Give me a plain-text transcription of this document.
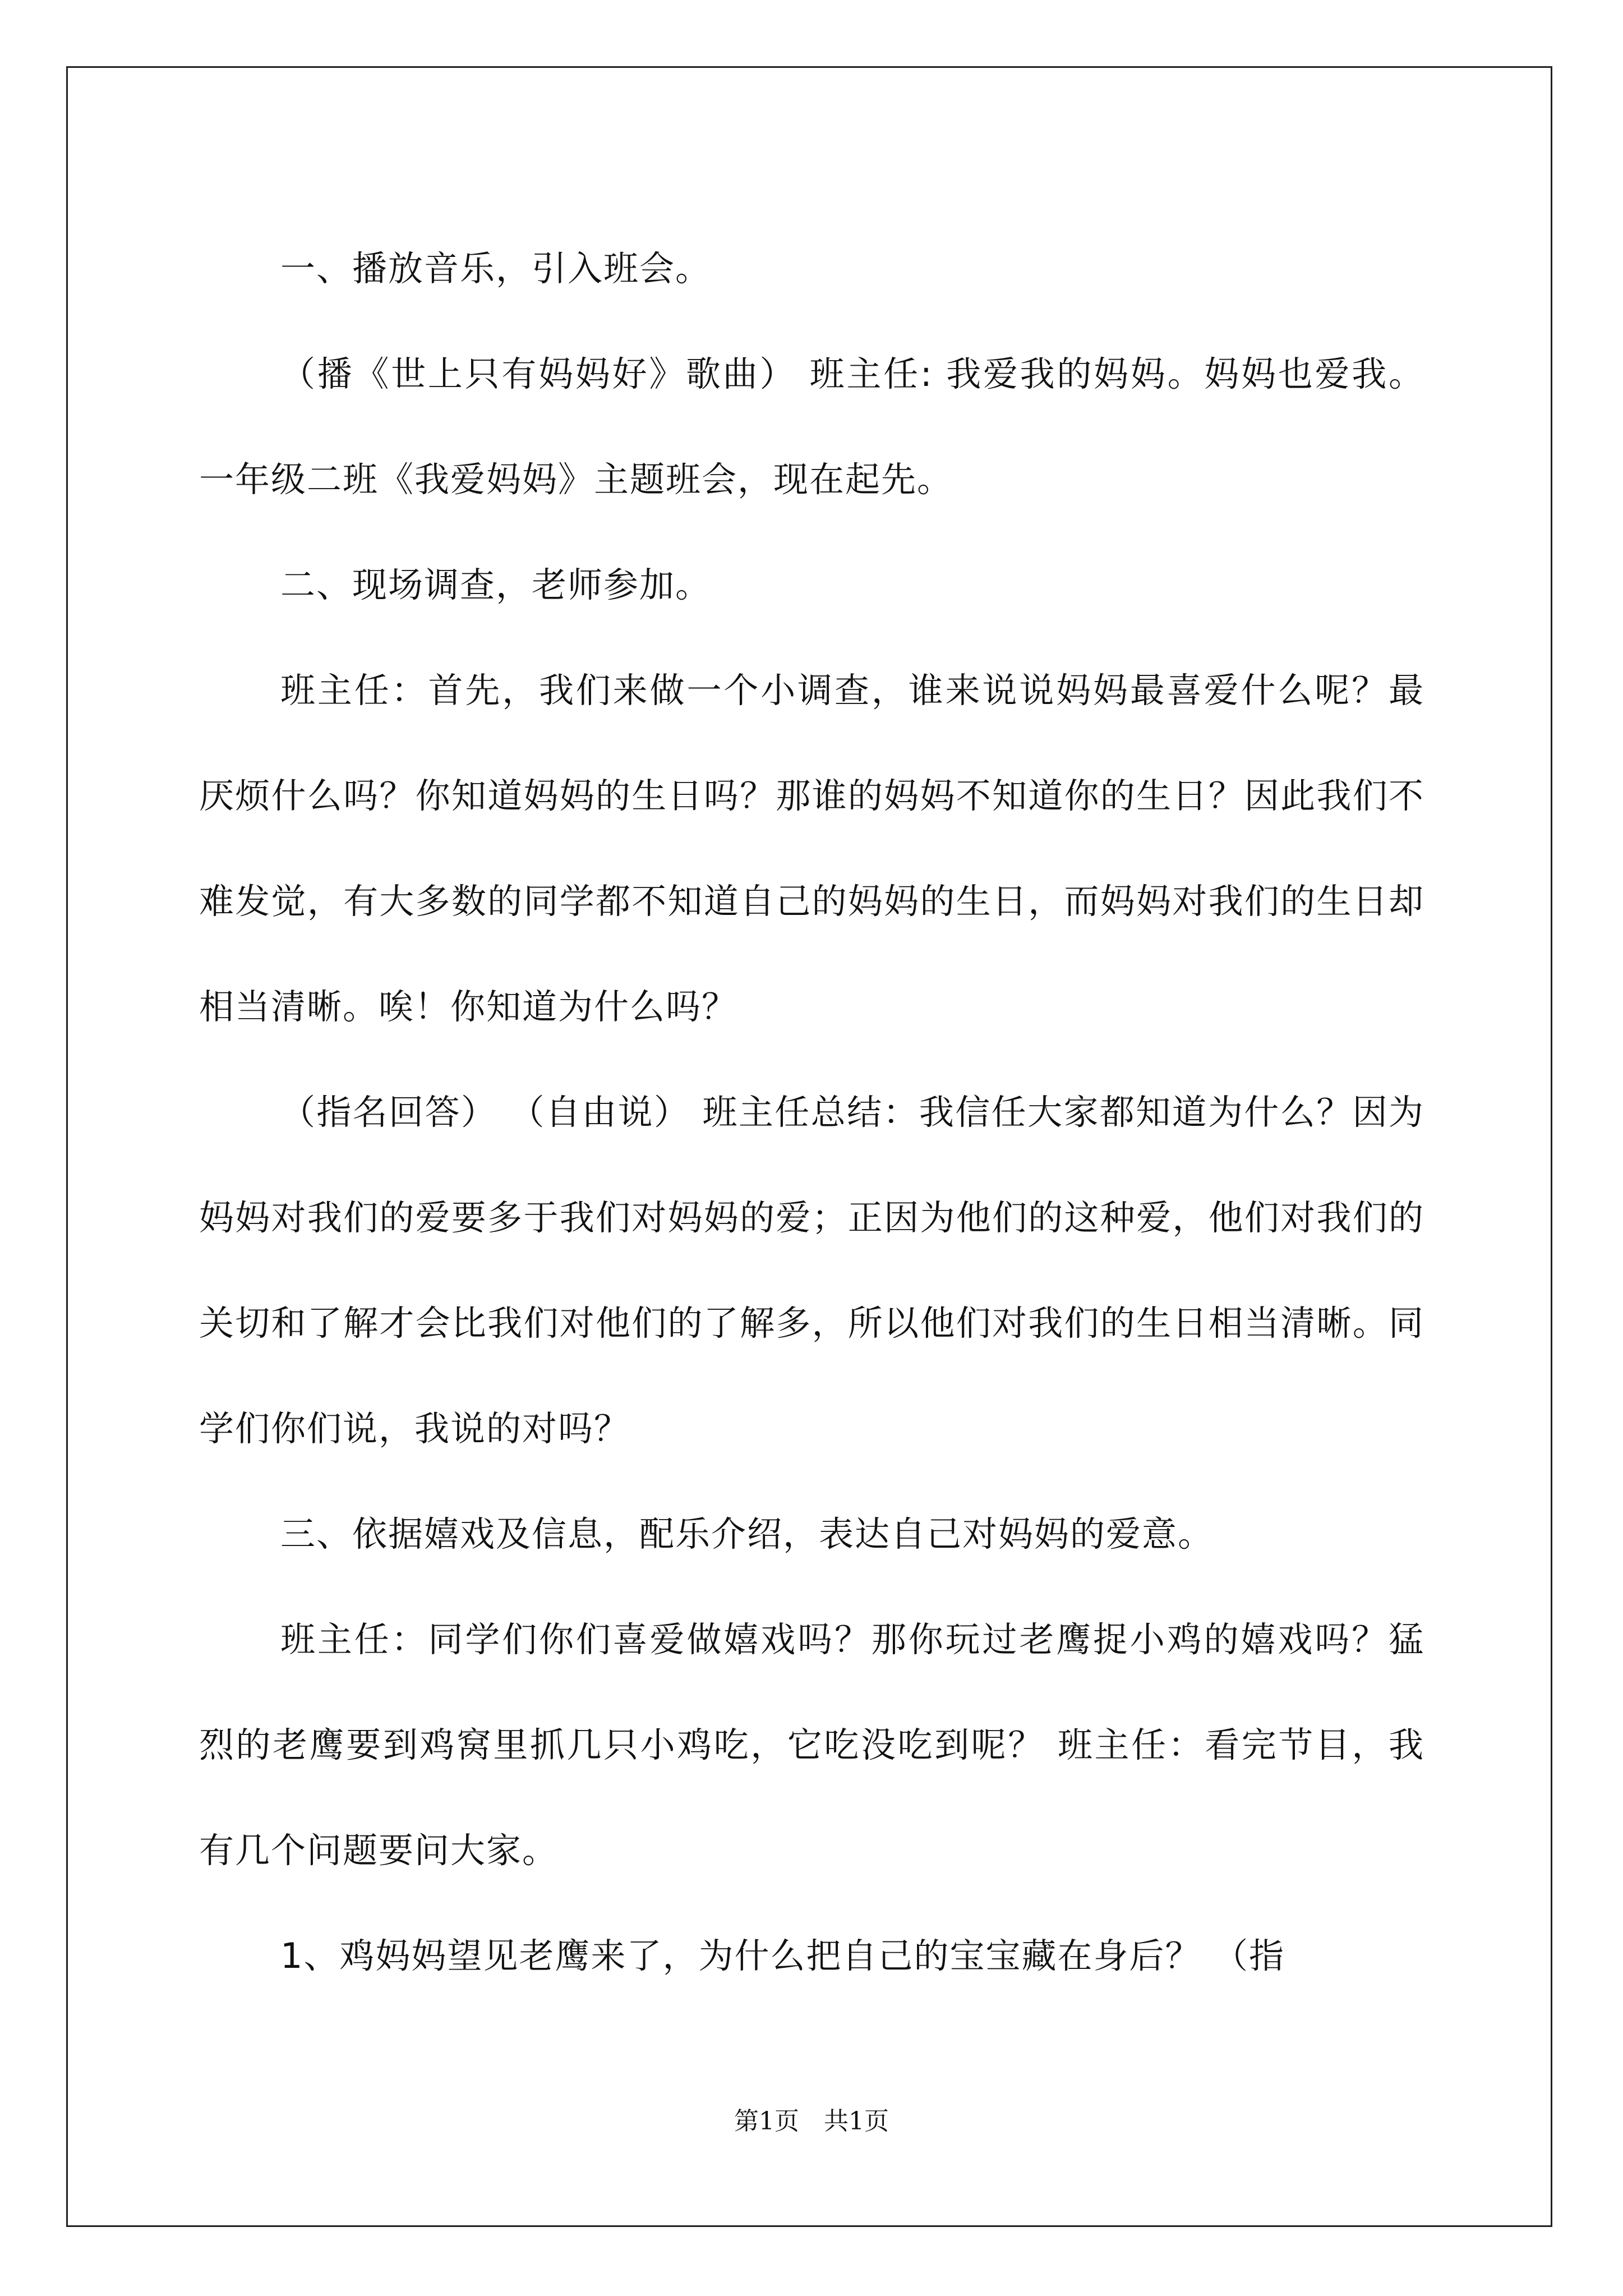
一、播放音乐，引入班会。

（播《世上只有妈妈好》歌曲） 班主任: 我爱我的妈妈。妈妈也爱我。一年级二班《我爱妈妈》主题班会，现在起先。

二、现场调查，老师参加。

班主任：首先，我们来做一个小调查，谁来说说妈妈最喜爱什么呢？最厌烦什么吗？你知道妈妈的生日吗？那谁的妈妈不知道你的生日？因此我们不难发觉，有大多数的同学都不知道自己的妈妈的生日，而妈妈对我们的生日却相当清晰。唉！你知道为什么吗？

（指名回答） （自由说） 班主任总结：我信任大家都知道为什么？因为妈妈对我们的爱要多于我们对妈妈的爱；正因为他们的这种爱，他们对我们的关切和了解才会比我们对他们的了解多，所以他们对我们的生日相当清晰。同学们你们说，我说的对吗？

三、依据嬉戏及信息，配乐介绍，表达自己对妈妈的爱意。

班主任：同学们你们喜爱做嬉戏吗？那你玩过老鹰捉小鸡的嬉戏吗？猛烈的老鹰要到鸡窝里抓几只小鸡吃，它吃没吃到呢？ 班主任：看完节目，我有几个问题要问大家。

1、鸡妈妈望见老鹰来了，为什么把自己的宝宝藏在身后？ （指

第1页　共1页
